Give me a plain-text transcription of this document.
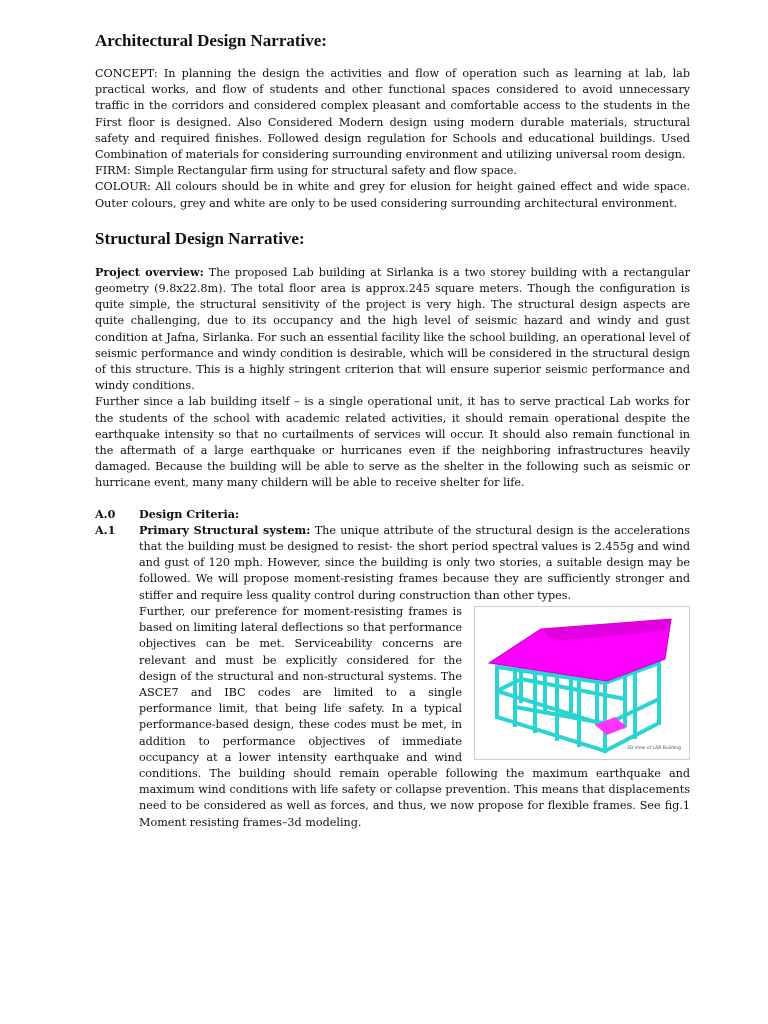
Architectural Design Narrative:

CONCEPT: In planning the design the activities and flow of operation such as learning at lab, lab practical works, and flow of students and other functional spaces considered to avoid unnecessary traffic in the corridors and considered complex pleasant and comfortable access to the students in the First floor is designed. Also Considered Modern design using modern durable materials, structural safety and required finishes. Followed design regulation for Schools and educational buildings. Used Combination of materials for considering surrounding environment and utilizing universal room design.

FIRM: Simple Rectangular firm using for structural safety and flow space.

COLOUR: All colours should be in white and grey for elusion for height gained effect and wide space. Outer colours, grey and white are only to be used considering surrounding architectural environment.

Structural Design Narrative:

Project overview: The proposed Lab building at Sirlanka is a two storey building with a rectangular geometry (9.8x22.8m). The total floor area is approx.245 square meters. Though the configuration is quite simple, the structural sensitivity of the project is very high. The structural design aspects are quite challenging, due to its occupancy and the high level of seismic hazard and windy and gust condition at Jafna, Sirlanka. For such an essential facility like the school building, an operational level of seismic performance and windy condition is desirable, which will be considered in the structural design of this structure. This is a highly stringent criterion that will ensure superior seismic performance and windy conditions.

Further since a lab building itself – is a single operational unit, it has to serve practical Lab works for the students of the school with academic related activities, it should remain operational despite the earthquake intensity so that no curtailments of services will occur. It should also remain functional in the aftermath of a large earthquake or hurricanes even if the neighboring infrastructures heavily damaged. Because the building will be able to serve as the shelter in the following such as seismic or hurricane event, many many childern will be able to receive shelter for life.

A.0	Design Criteria:
A.1	Primary Structural system: The unique attribute of the structural design is the accelerations that the building must be designed to resist- the short period spectral values is 2.455g and wind and gust of 120 mph. However, since the building is only two stories, a suitable design may be followed. We will propose moment-resisting frames because they are sufficiently stronger and stiffer and require less quality control during construction than other types.

3D View of LAB Building

Further, our preference for moment-resisting frames is based on limiting lateral deflections so that performance objectives can be met. Serviceability concerns are relevant and must be explicitly considered for the design of the structural and non-structural systems. The ASCE7 and IBC codes are limited to a single performance limit, that being life safety. In a typical performance-based design, these codes must be met, in addition to performance objectives of immediate occupancy at a lower intensity earthquake and wind conditions. The building should remain operable following the maximum earthquake and maximum wind conditions with life safety or collapse prevention. This means that displacements need to be considered as well as forces, and thus, we now propose for flexible frames. See fig.1 Moment resisting frames–3d modeling.
